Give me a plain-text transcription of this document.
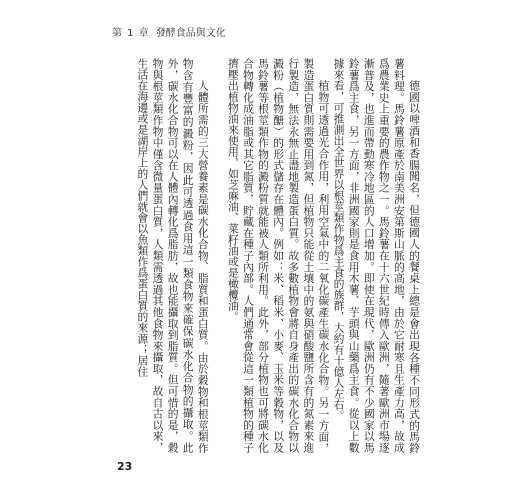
第 1 章 發酵食品與文化

德國以啤酒和香腸聞名，但德國人的餐桌上總是會出現各種不同形式的馬鈴薯料理。馬鈴薯原產於南美洲安第斯山脈的高地，由於它耐寒且生產力高，故成爲農業史上重要的農作物之一。馬鈴薯在十六世紀時傳入歐洲，隨著歐洲市場逐漸普及，也進而帶動寒冷地區的人口增加。即使在現代，歐洲仍有不少國家以馬鈴薯爲主食，另一方面，非洲國家則是食用木薯、芋頭與山藥爲主食。從以上數據來看，可推測出全世界以根莖類作物爲主食的族群，大約有十億人左右。

植物可透過光合作用，利用空氣中的二氧化碳產生碳水化合物。另一方面，製造蛋白質則需要用到氮，但植物只能從土壤中的氨與硝酸鹽所含有的氮素來進行製造，無法永無止盡地製造蛋白質。故多數植物會將自身產出的碳水化合物以澱粉（植物醣）的形式儲存在體內。例如：米、稻米、小麥、玉米等穀物，以及馬鈴薯等根莖類作物的澱粉質就能被人類所利用。此外，部分植物也可將碳水化合物轉化成油脂或其它脂質，貯藏在種子內部。人們通常會從這一類植物的種子擠壓出植物油來使用，如芝麻油、菜籽油或是橄欖油。

人體所需的三大營養素是碳水化合物、脂質和蛋白質。由於穀物和根莖類作物含有豐富的澱粉，因此可透過食用這一類食物來確保碳水化合物的攝取。此外，碳水化合物可以在人體內轉化爲脂肪，故也能攝取到脂質。但可惜的是，穀物與根莖類作物中僅含微量蛋白質，人類需透過其他食物來攝取，故自古以來，生活在海邊或是湖岸上的人們就會以魚類作爲蛋白質的來源；居住

23
